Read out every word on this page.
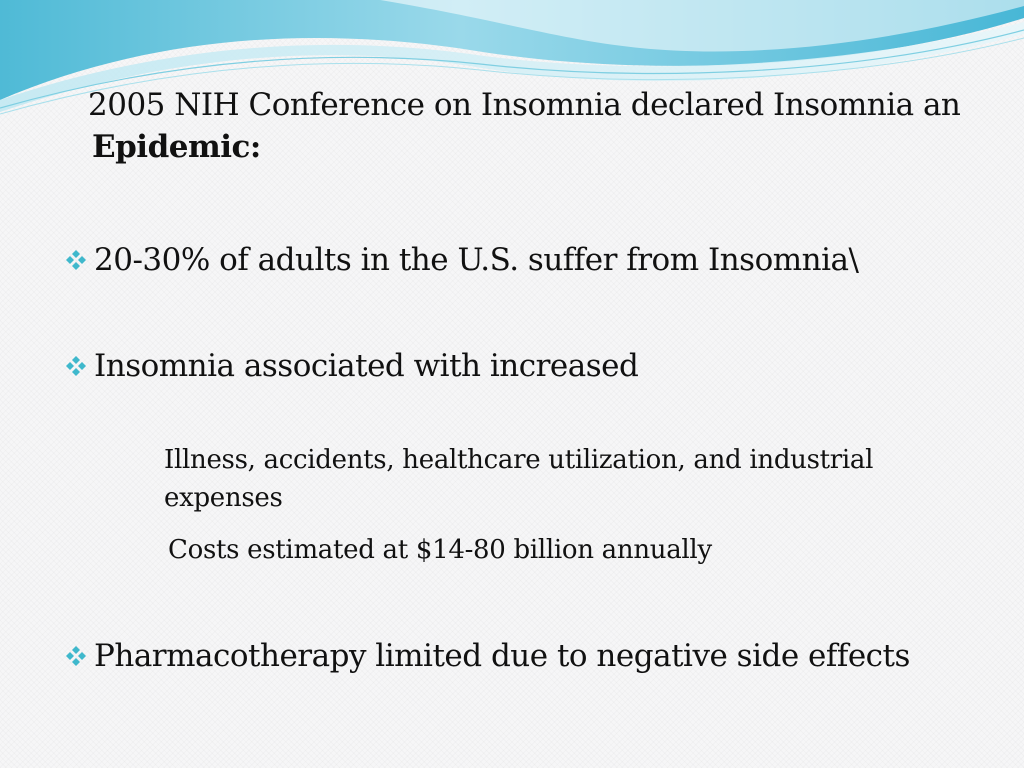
2005 NIH Conference on Insomnia declared Insomnia an
Epidemic:
20-30% of adults in the U.S. suffer from Insomnia\
Insomnia associated with increased
Illness, accidents, healthcare utilization, and industrial
expenses
Costs estimated at $14-80 billion annually
Pharmacotherapy limited due to negative side effects
